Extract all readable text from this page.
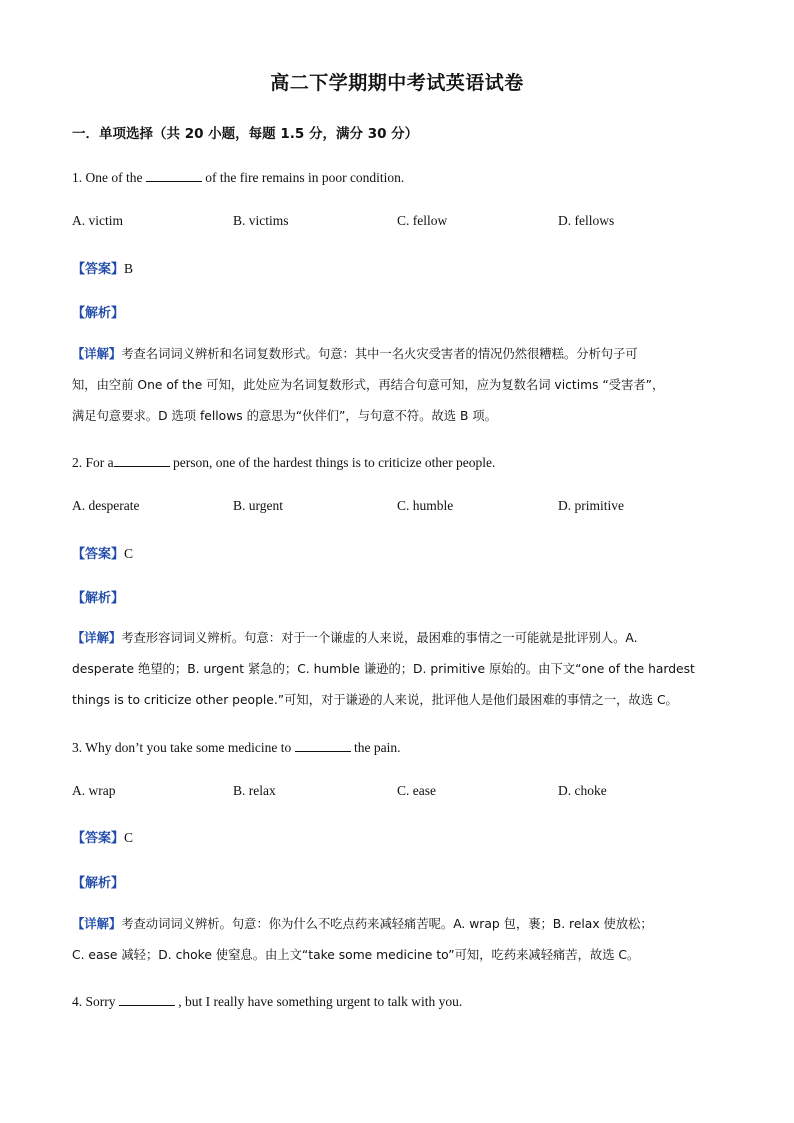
高二下学期期中考试英语试卷
一．单项选择（共 20 小题，每题 1.5 分，满分 30 分）
1. One of the	of the fire remains in poor condition.
A. victim	B. victims	C. fellow	D. fellows
【答案】B
【解析】
【详解】考查名词词义辨析和名词复数形式。句意：其中一名火灾受害者的情况仍然很糟糕。分析句子可
知，由空前 One of the 可知，此处应为名词复数形式，再结合句意可知，应为复数名词 victims “受害者”，
满足句意要求。D 选项 fellows 的意思为“伙伴们”，与句意不符。故选 B 项。
2. For a	person, one of the hardest things is to criticize other people.
A. desperate	B. urgent	C. humble	D. primitive
【答案】C
【解析】
【详解】考查形容词词义辨析。句意：对于一个谦虚的人来说，最困难的事情之一可能就是批评别人。A.
desperate 绝望的；B. urgent 紧急的；C. humble 谦逊的；D. primitive 原始的。由下文“one of the hardest
things is to criticize other people.”可知，对于谦逊的人来说，批评他人是他们最困难的事情之一，故选 C。
3. Why don’t you take some medicine to	the pain.
A. wrap	B. relax	C. ease	D. choke
【答案】C
【解析】
【详解】考查动词词义辨析。句意：你为什么不吃点药来减轻痛苦呢。A. wrap 包，裹；B. relax 使放松；
C. ease 减轻；D. choke 使窒息。由上文“take some medicine to”可知，吃药来减轻痛苦，故选 C。
4. Sorry	, but I really have something urgent to talk with you.
